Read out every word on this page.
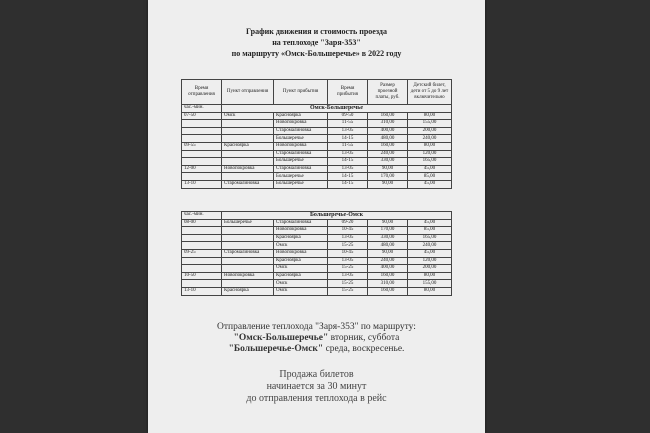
График движения и стоимость проезда
на теплоходе "Заря-353"
по маршруту «Омск-Большеречье» в 2022 году
Время отправления	Пункт отправления	Пункт прибытия	Время прибытия	Размер проезной платы, руб.	Детский билет, дети от 5 до 9 лет включительно
час.-мин.	Омск-Большеречье				
07-50	Омск	Красноярка	09-50	160,00	80,00
		Новопокровка	11-55	310,00	155,00
		Старомалиновка	13-05	400,00	200,00
		Большеречье	14-15	480,00	240,00
09-55	Красноярка	Новопокровка	11-55	160,00	80,00
		Старомалиновка	13-05	240,00	120,00
		Большеречье	14-15	330,00	165,00
12-00	Новопокровка	Старомалиновка	13-05	90,00	45,00
		Большеречье	14-15	170,00	85,00
13-10	Старомалиновка	Большеречье	14-15	90,00	45,00
час.-мин.	Большеречье-Омск				
08-00	Большеречье	Старомалиновка	09-20	90,00	45,00
		Новопокровка	10-45	170,00	85,00
		Красноярка	13-05	330,00	165,00
		Омск	15-25	480,00	240,00
09-25	Старомалиновка	Новопокровка	10-45	90,00	45,00
		Красноярка	13-05	240,00	120,00
		Омск	15-25	400,00	200,00
10-50	Новопокровка	Красноярка	13-05	160,00	80,00
		Омск	15-25	310,00	155,00
13-10	Красноярка	Омск	15-25	160,00	80,00
Отправление теплохода "Заря-353" по маршруту:
"Омск-Большеречье" вторник, суббота
"Большеречье-Омск" среда, воскресенье.
Продажа билетов
начинается за 30 минут
до отправления теплохода в рейс
